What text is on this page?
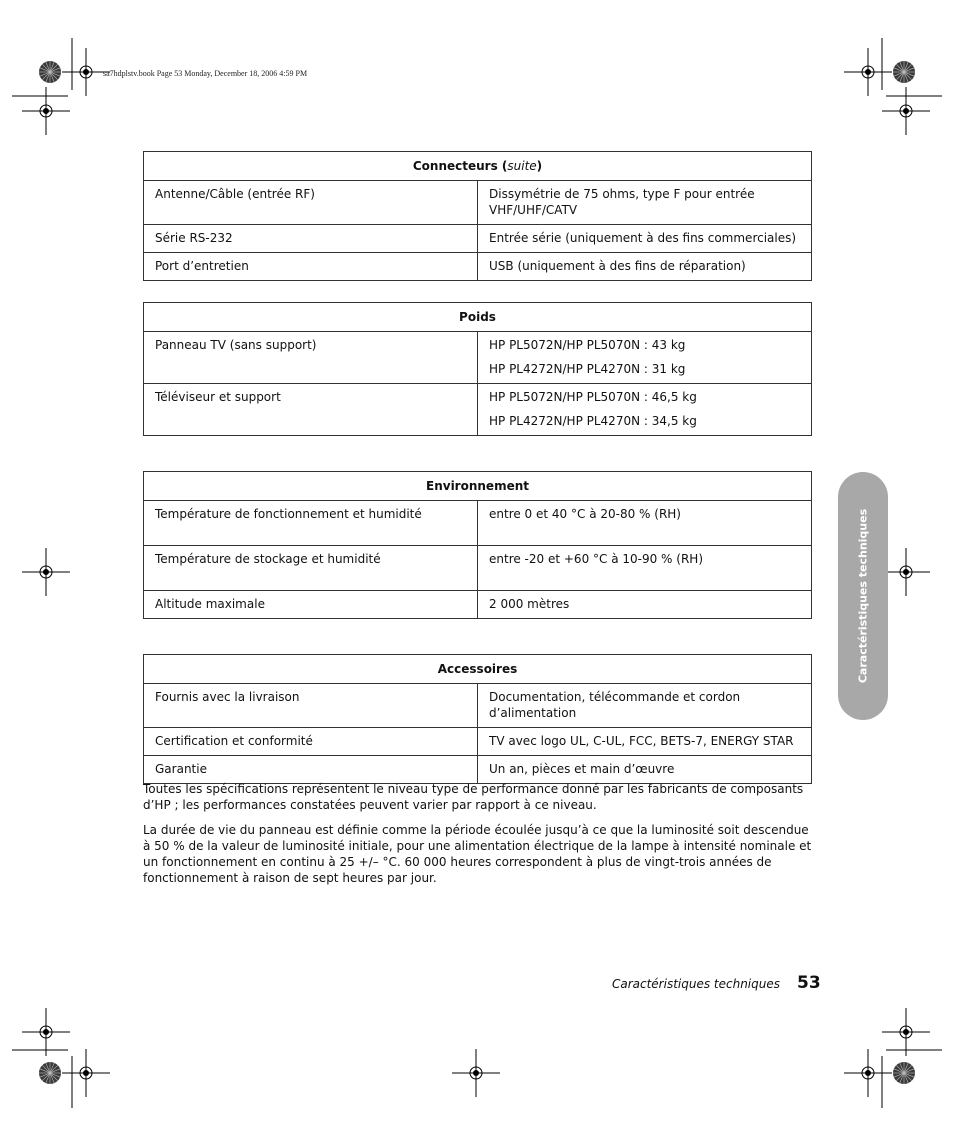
sa7hdplstv.book Page 53 Monday, December 18, 2006 4:59 PM
Connecteurs (suite)	
Antenne/Câble (entrée RF)	Dissymétrie de 75 ohms, type F pour entrée VHF/UHF/CATV
Série RS-232	Entrée série (uniquement à des fins commerciales)
Port d’entretien	USB (uniquement à des fins de réparation)
Poids	
Panneau TV (sans support)	HP PL5072N/HP PL5070N : 43 kg
HP PL4272N/HP PL4270N : 31 kg

Téléviseur et support	HP PL5072N/HP PL5070N : 46,5 kg
HP PL4272N/HP PL4270N : 34,5 kg
Environnement	
Température de fonctionnement et humidité	entre 0 et 40 °C à 20-80 % (RH)
Température de stockage et humidité	entre -20 et +60 °C à 10-90 % (RH)
Altitude maximale	2 000 mètres
Accessoires	
Fournis avec la livraison	Documentation, télécommande et cordon d’alimentation
Certification et conformité	TV avec logo UL, C-UL, FCC, BETS-7, ENERGY STAR
Garantie	Un an, pièces et main d’œuvre

Toutes les spécifications représentent le niveau type de performance donné par les fabricants de composants d’HP ; les performances constatées peuvent varier par rapport à ce niveau.

La durée de vie du panneau est définie comme la période écoulée jusqu’à ce que la luminosité soit descendue à 50 % de la valeur de luminosité initiale, pour une alimentation électrique de la lampe à intensité nominale et un fonctionnement en continu à 25 +/– °C. 60 000 heures correspondent à plus de vingt-trois années de fonctionnement à raison de sept heures par jour.

Caractéristiques techniques
Caractéristiques techniques 53
